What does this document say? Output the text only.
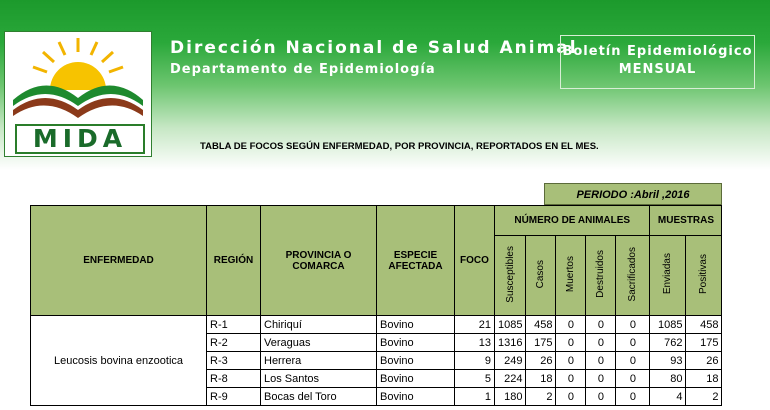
MIDA
Dirección Nacional de Salud Animal
Departamento de Epidemiología
Boletín Epidemiológico
MENSUAL
TABLA DE FOCOS SEGÚN ENFERMEDAD, POR PROVINCIA, REPORTADOS EN EL MES.
PERIODO :Abril ,2016
ENFERMEDAD	REGIÓN	PROVINCIA O COMARCA	ESPECIE AFECTADA	FOCO	NÚMERO DE ANIMALES					MUESTRAS	
					Susceptibles	Casos	Muertos	Destruidos	Sacrificados	Enviadas	Positivas
Leucosis bovina enzootica	R-1	Chiriquí	Bovino	21	1085	458	0	0	0	1085	458
	R-2	Veraguas	Bovino	13	1316	175	0	0	0	762	175
	R-3	Herrera	Bovino	9	249	26	0	0	0	93	26
	R-8	Los Santos	Bovino	5	224	18	0	0	0	80	18
	R-9	Bocas del Toro	Bovino	1	180	2	0	0	0	4	2
